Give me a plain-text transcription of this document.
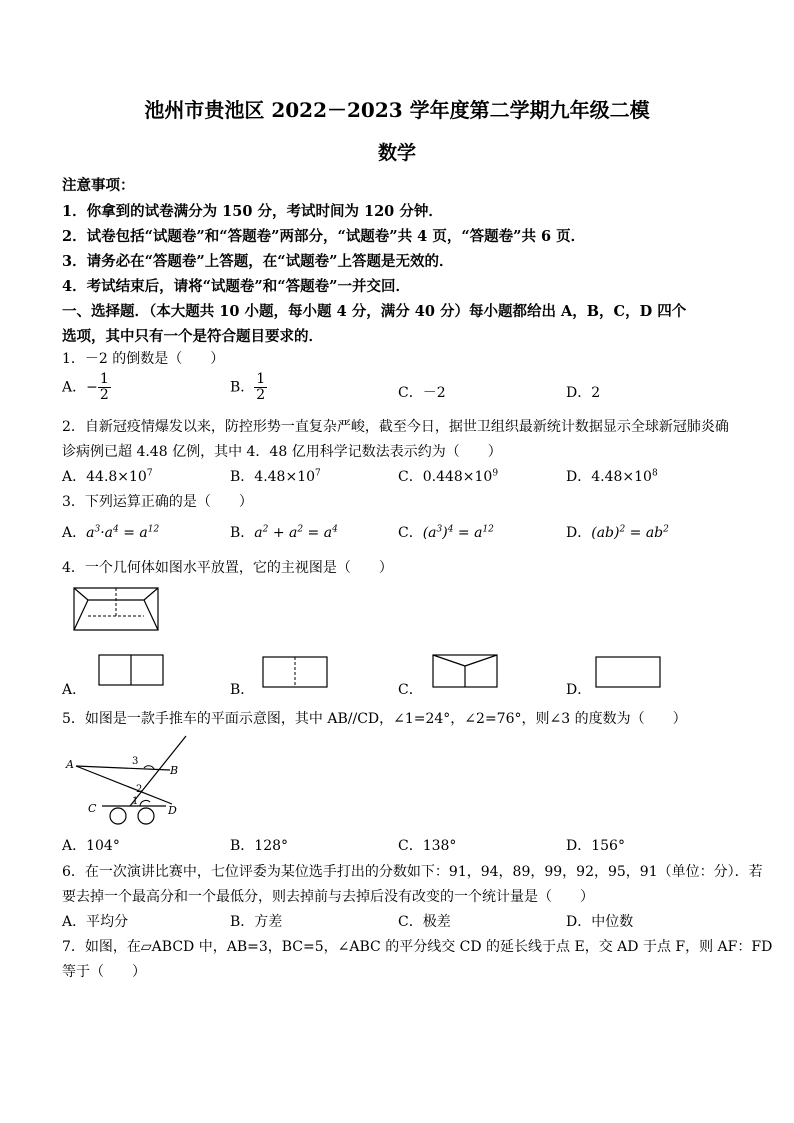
池州市贵池区 2022－2023 学年度第二学期九年级二模
数学
注意事项：
1．你拿到的试卷满分为 150 分，考试时间为 120 分钟．
2．试卷包括“试题卷”和“答题卷”两部分，“试题卷”共 4 页，“答题卷”共 6 页．
3．请务必在“答题卷”上答题，在“试题卷”上答题是无效的．
4．考试结束后，请将“试题卷”和“答题卷”一并交回．
一、选择题．（本大题共 10 小题，每小题 4 分，满分 40 分）每小题都给出 A，B，C，D 四个
选项，其中只有一个是符合题目要求的．
1．－2 的倒数是（　　）
A．− $\frac{1}{2}$	B． $\frac{1}{2}$	C．－2	D．2
2．自新冠疫情爆发以来，防控形势一直复杂严峻，截至今日，据世卫组织最新统计数据显示全球新冠肺炎确
诊病例已超 4.48 亿例，其中 4．48 亿用科学记数法表示约为（　　）
A．$44.8\times 10^7$	B．$4.48\times 10^7$	C．$0.448\times 10^9$	D．$4.48\times 10^8$
3．下列运算正确的是（　　）
A．$a^3\cdot a^4 = a^{12}$	B．$a^2 + a^2 = a^4$	C．$(a^3)^4 = a^{12}$	D．$(ab)^2 = ab^2$
4．一个几何体如图水平放置，它的主视图是（　　）
A．	B．	C．	D．
5．如图是一款手推车的平面示意图，其中 AB//CD，∠1=24°，∠2=76°，则∠3 的度数为（　　）
A	B
C	D
3
2
1
A．104°	B．128°	C．138°	D．156°
6．在一次演讲比赛中，七位评委为某位选手打出的分数如下：91，94，89，99，92，95，91（单位：分）．若
要去掉一个最高分和一个最低分，则去掉前与去掉后没有改变的一个统计量是（　　）
A．平均分	B．方差	C．极差	D．中位数
7．如图，在▱ABCD 中，AB=3，BC=5，∠ABC 的平分线交 CD 的延长线于点 E，交 AD 于点 F，则 AF：FD
等于（　　）
